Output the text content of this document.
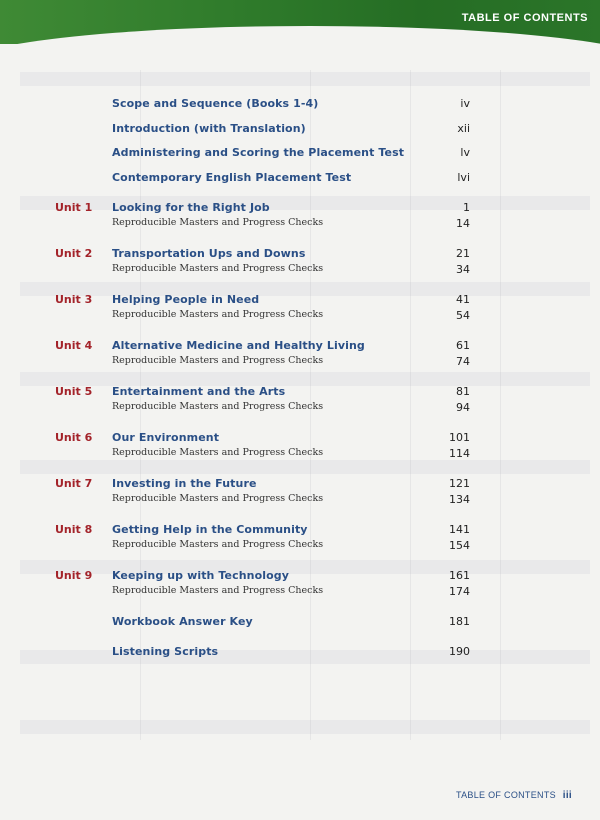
TABLE OF CONTENTS
Scope and Sequence (Books 1-4)	iv
Introduction (with Translation)	xii
Administering and Scoring the Placement Test	lv
Contemporary English Placement Test	lvi
Unit 1 Looking for the Right Job	1
Reproducible Masters and Progress Checks	14
Unit 2 Transportation Ups and Downs	21
Reproducible Masters and Progress Checks	34
Unit 3 Helping People in Need	41
Reproducible Masters and Progress Checks	54
Unit 4 Alternative Medicine and Healthy Living	61
Reproducible Masters and Progress Checks	74
Unit 5 Entertainment and the Arts	81
Reproducible Masters and Progress Checks	94
Unit 6 Our Environment	101
Reproducible Masters and Progress Checks	114
Unit 7 Investing in the Future	121
Reproducible Masters and Progress Checks	134
Unit 8 Getting Help in the Community	141
Reproducible Masters and Progress Checks	154
Unit 9 Keeping up with Technology	161
Reproducible Masters and Progress Checks	174
Workbook Answer Key	181
Listening Scripts	190
TABLE OF CONTENTS iii
